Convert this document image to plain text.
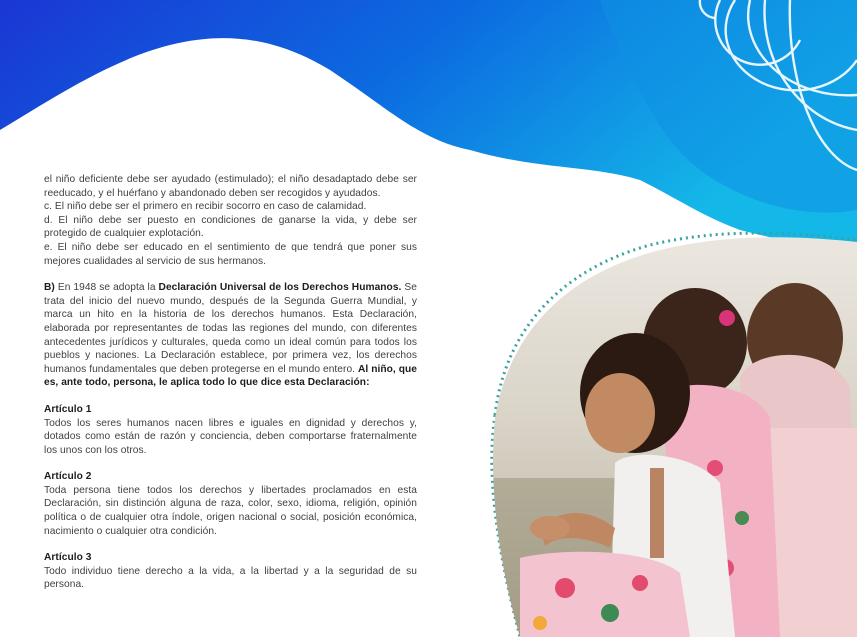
el niño deficiente debe ser ayudado (estimulado); el niño desadaptado debe ser reeducado, y el huérfano y abandonado deben ser recogidos y ayudados.

c. El niño debe ser el primero en recibir socorro en caso de calamidad.

d. El niño debe ser puesto en condiciones de ganarse la vida, y debe ser protegido de cualquier explotación.

e. El niño debe ser educado en el sentimiento de que tendrá que poner sus mejores cualidades al servicio de sus hermanos.

B) En 1948 se adopta la Declaración Universal de los Derechos Humanos. Se trata del inicio del nuevo mundo, después de la Segunda Guerra Mundial, y marca un hito en la historia de los derechos humanos. Esta Declaración, elaborada por representantes de todas las regiones del mundo, con diferentes antecedentes jurídicos y culturales, queda como un ideal común para todos los pueblos y naciones. La Declaración establece, por primera vez, los derechos humanos fundamentales que deben protegerse en el mundo entero. Al niño, que es, ante todo, persona, le aplica todo lo que dice esta Declaración:

Artículo 1

Todos los seres humanos nacen libres e iguales en dignidad y derechos y, dotados como están de razón y conciencia, deben comportarse fraternalmente los unos con los otros.

Artículo 2

Toda persona tiene todos los derechos y libertades proclamados en esta Declaración, sin distinción alguna de raza, color, sexo, idioma, religión, opinión política o de cualquier otra índole, origen nacional o social, posición económica, nacimiento o cualquier otra condición.

Artículo 3

Todo individuo tiene derecho a la vida, a la libertad y a la seguridad de su persona.
